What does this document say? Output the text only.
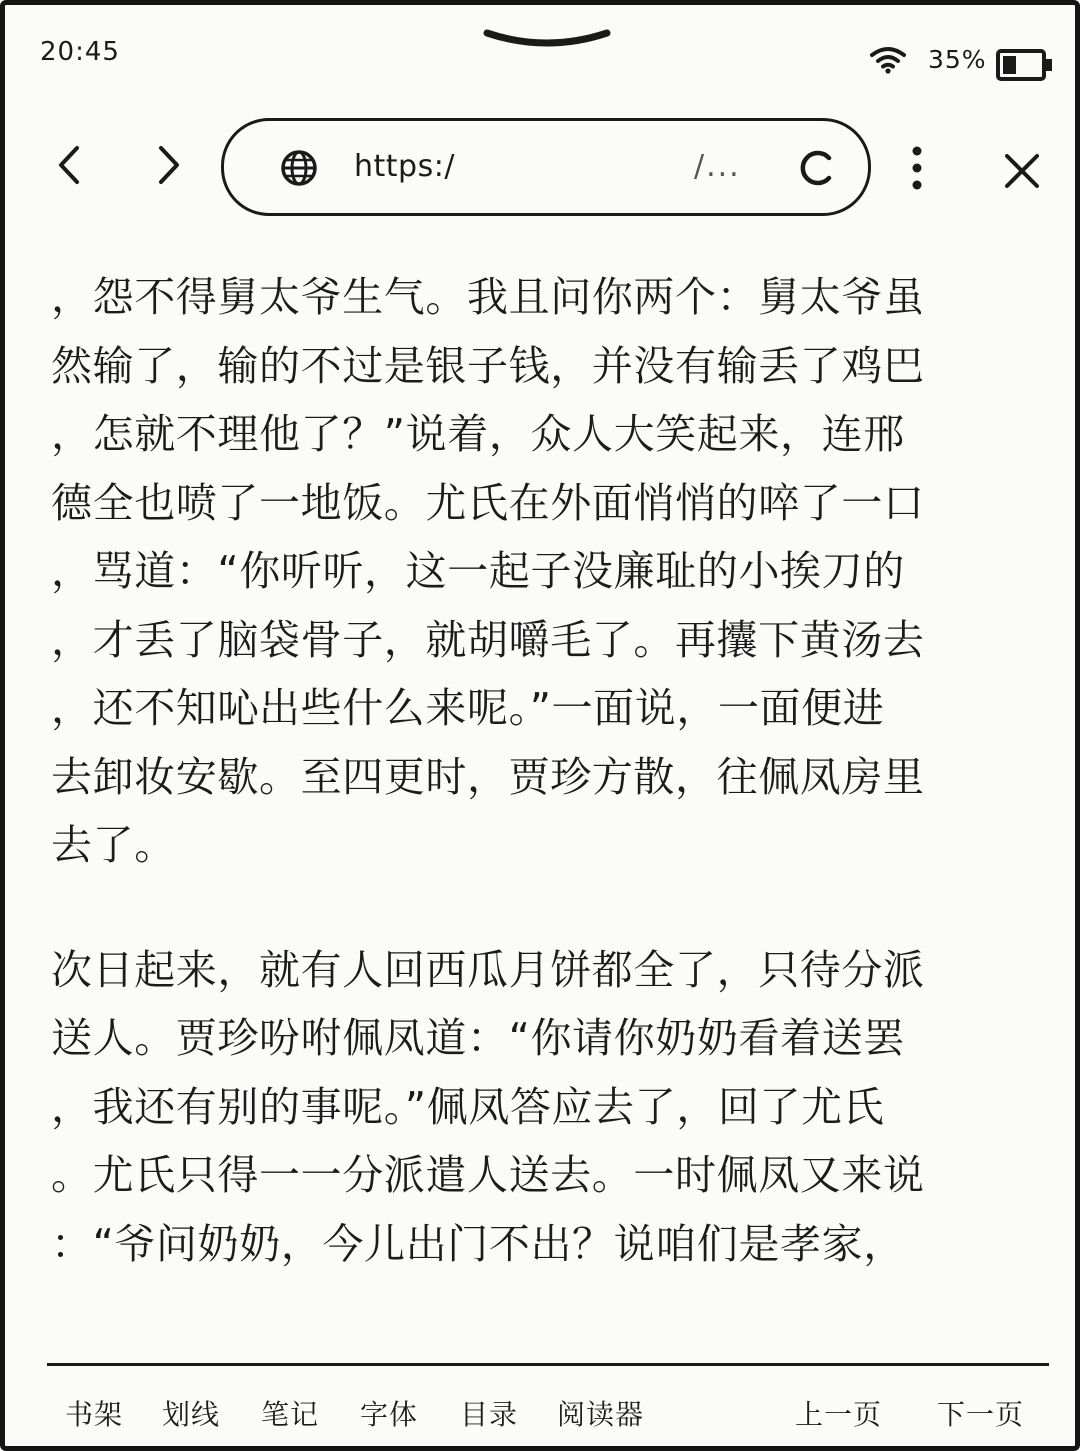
20:45	35%
https:/	/...

，怨不得舅太爷生气。我且问你两个：舅太爷虽
然输了，输的不过是银子钱，并没有输丢了鸡巴
，怎就不理他了？”说着，众人大笑起来，连邢
德全也喷了一地饭。尤氏在外面悄悄的啐了一口
，骂道：“你听听，这一起子没廉耻的小挨刀的
，才丢了脑袋骨子，就胡嚼毛了。再攮下黄汤去
，还不知吣出些什么来呢。”一面说，一面便进
去卸妆安歇。至四更时，贾珍方散，往佩凤房里
去了。

次日起来，就有人回西瓜月饼都全了，只待分派
送人。贾珍吩咐佩凤道：“你请你奶奶看着送罢
，我还有别的事呢。”佩凤答应去了，回了尤氏
。尤氏只得一一分派遣人送去。一时佩凤又来说
：“爷问奶奶，今儿出门不出？说咱们是孝家，

书架 划线 笔记 字体 目录 阅读器	上一页 下一页
